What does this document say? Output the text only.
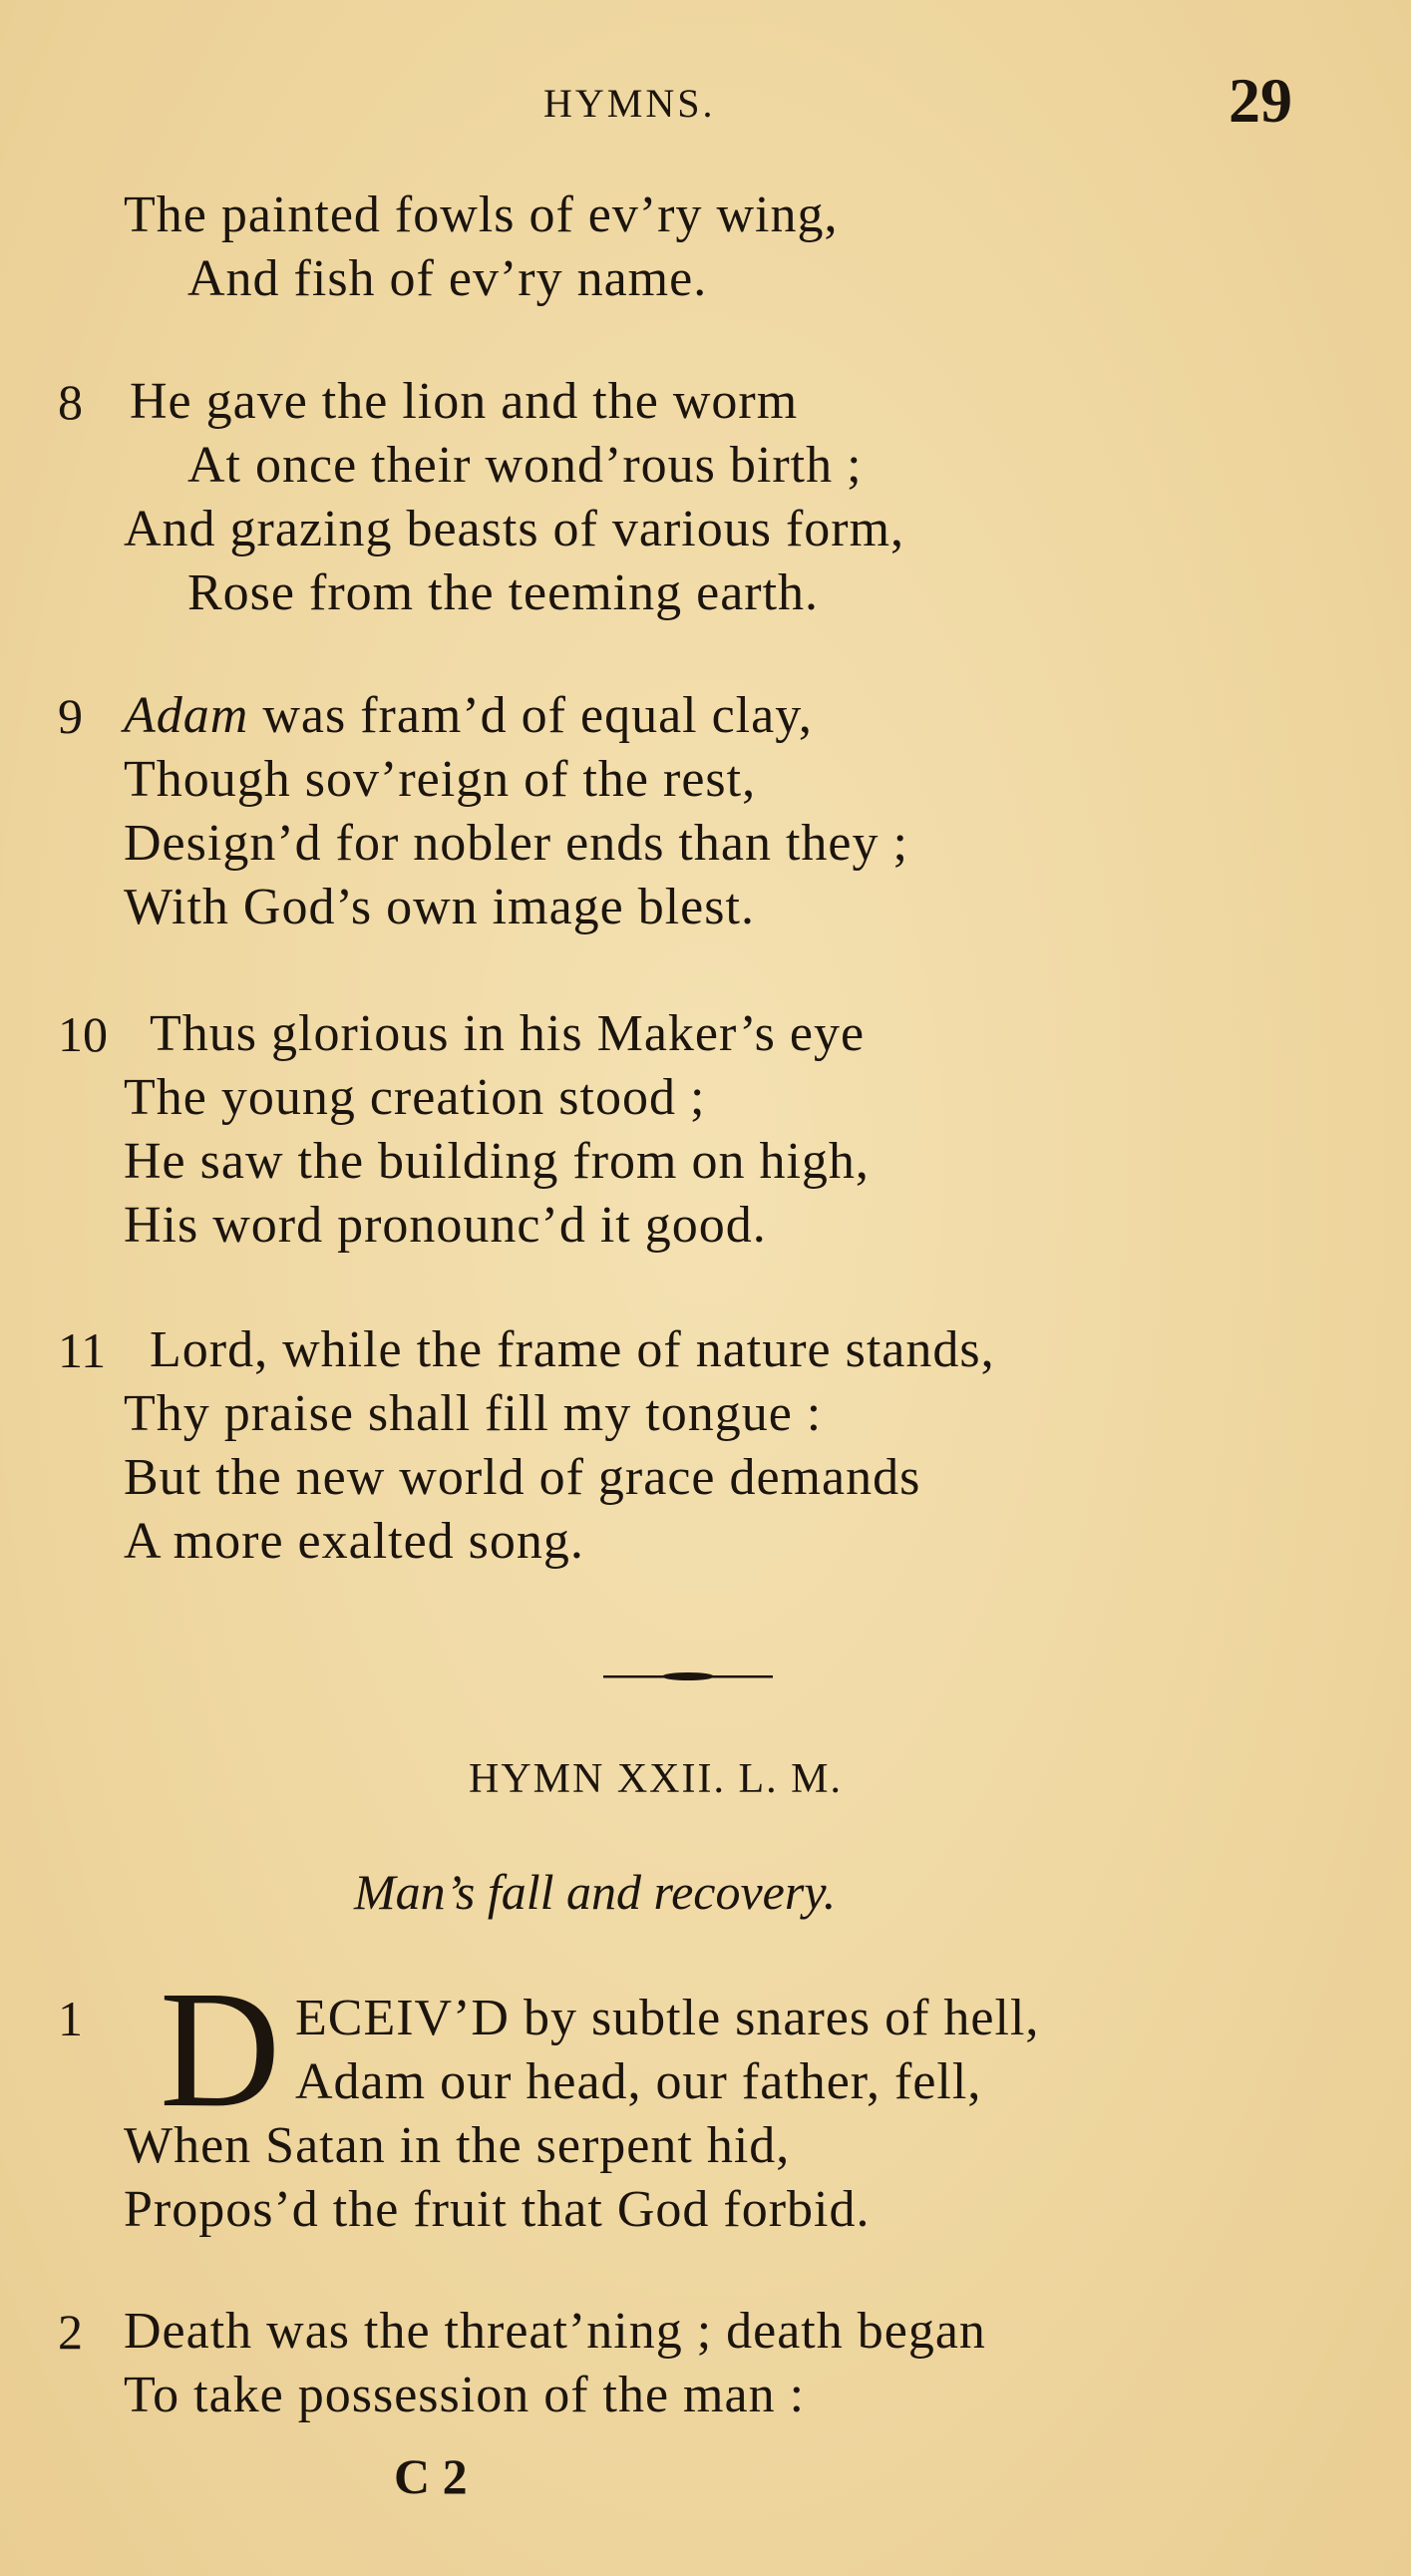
HYMNS.	29
The painted fowls of ev’ry wing,
And fish of ev’ry name.
8 He gave the lion and the worm
At once their wond’rous birth ;
And grazing beasts of various form,
Rose from the teeming earth.
9 Adam was fram’d of equal clay,
Though sov’reign of the rest,
Design’d for nobler ends than they ;
With God’s own image blest.
10 Thus glorious in his Maker’s eye
The young creation stood ;
He saw the building from on high,
His word pronounc’d it good.
11 Lord, while the frame of nature stands,
Thy praise shall fill my tongue :
But the new world of grace demands
A more exalted song.
HYMN XXII. L. M.
Man’s fall and recovery.
1 D ECEIV’D by subtle snares of hell,
Adam our head, our father, fell,
When Satan in the serpent hid,
Propos’d the fruit that God forbid.
2 Death was the threat’ning ; death began
To take possession of the man :
C 2
